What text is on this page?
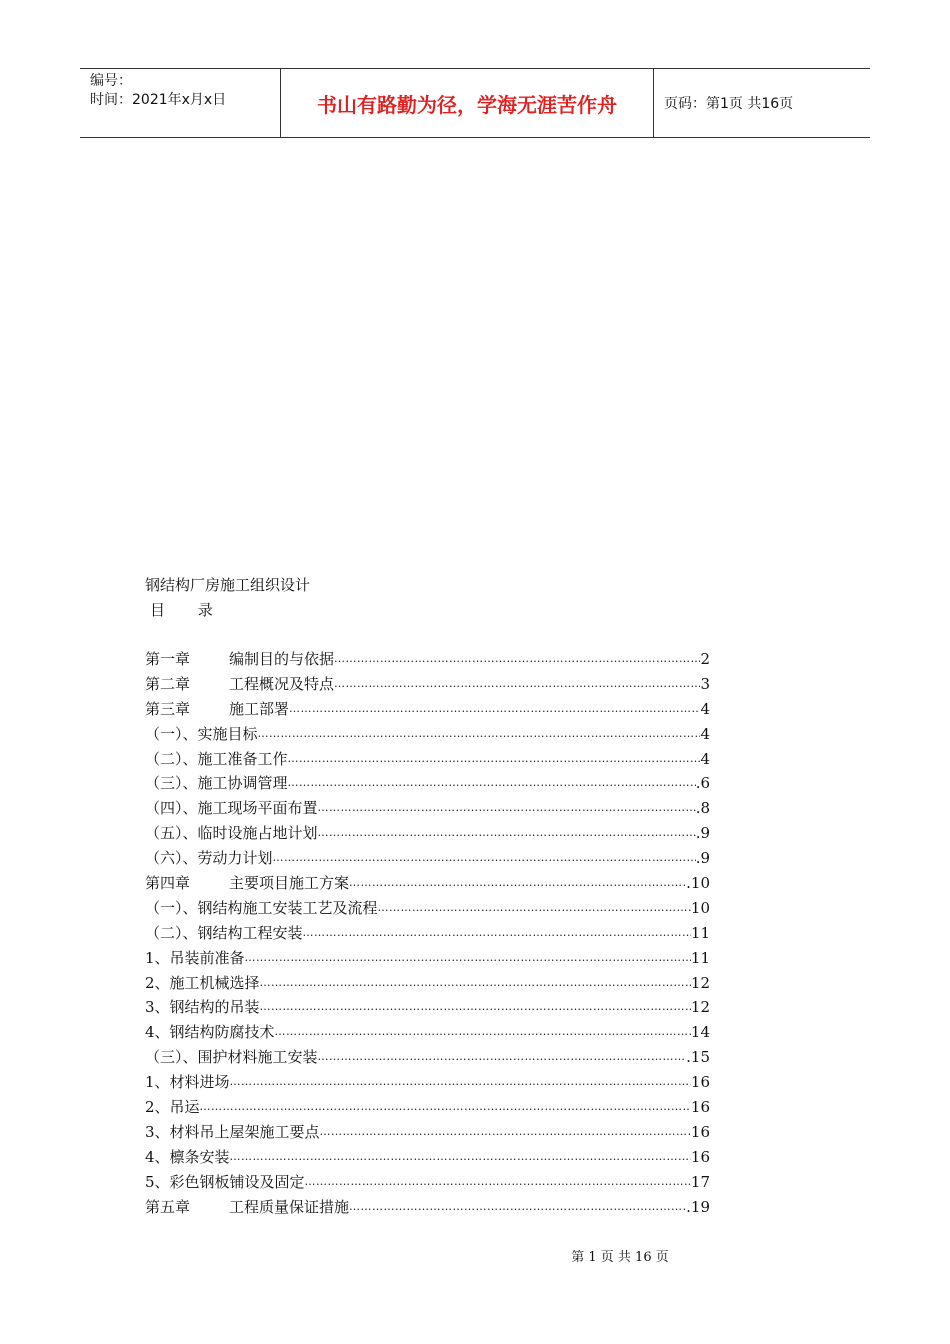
编号：
时间：2021年x月x日	书山有路勤为径，学海无涯苦作舟	页码：第1页 共16页
钢结构厂房施工组织设计
目 录
第一章	编制目的与依据 …………………………………………………………………………………………………………………………………………………………………………	2
第二章	工程概况及特点 …………………………………………………………………………………………………………………………………………………………………………	3
第三章	施工部署 …………………………………………………………………………………………………………………………………………………………………………	4
（一）、实施目标 …………………………………………………………………………………………………………………………………………………………………………	4
（二）、施工准备工作 …………………………………………………………………………………………………………………………………………………………………………	4
（三）、施工协调管理 …………………………………………………………………………………………………………………………………………………………………………	.6
（四）、施工现场平面布置 …………………………………………………………………………………………………………………………………………………………………………	.8
（五）、临时设施占地计划 …………………………………………………………………………………………………………………………………………………………………………	.9
（六）、劳动力计划 …………………………………………………………………………………………………………………………………………………………………………	.9
第四章	主要项目施工方案 …………………………………………………………………………………………………………………………………………………………………………	.10
（一）、钢结构施工安装工艺及流程 …………………………………………………………………………………………………………………………………………………………………………	10
（二）、钢结构工程安装 …………………………………………………………………………………………………………………………………………………………………………	11
1、吊装前准备 …………………………………………………………………………………………………………………………………………………………………………	11
2、施工机械选择 …………………………………………………………………………………………………………………………………………………………………………	12
3、钢结构的吊装 …………………………………………………………………………………………………………………………………………………………………………	12
4、钢结构防腐技术 …………………………………………………………………………………………………………………………………………………………………………	14
（三）、围护材料施工安装 …………………………………………………………………………………………………………………………………………………………………………	.15
1、材料进场 …………………………………………………………………………………………………………………………………………………………………………	16
2、吊运 …………………………………………………………………………………………………………………………………………………………………………	16
3、材料吊上屋架施工要点 …………………………………………………………………………………………………………………………………………………………………………	16
4、檩条安装 …………………………………………………………………………………………………………………………………………………………………………	16
5、彩色钢板铺设及固定 …………………………………………………………………………………………………………………………………………………………………………	17
第五章	工程质量保证措施 …………………………………………………………………………………………………………………………………………………………………………	.19
第 1 页 共 16 页
